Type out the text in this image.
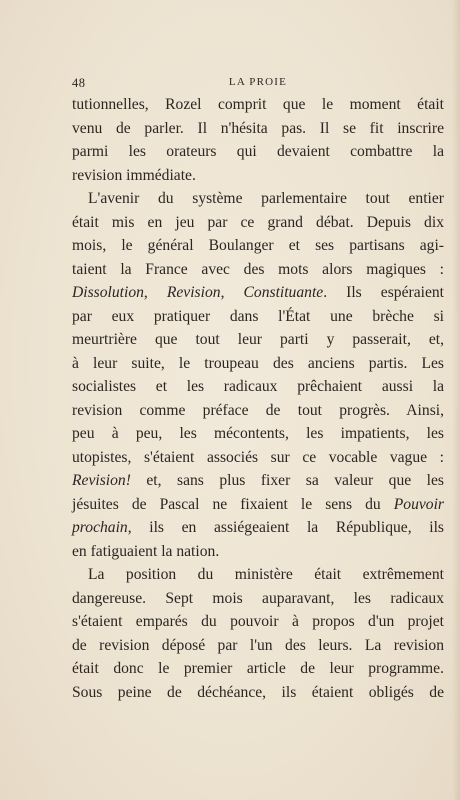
48	LA PROIE
tutionnelles, Rozel comprit que le moment était
venu de parler. Il n'hésita pas. Il se fit inscrire
parmi les orateurs qui devaient combattre la
revision immédiate.
L'avenir du système parlementaire tout entier
était mis en jeu par ce grand débat. Depuis dix
mois, le général Boulanger et ses partisans agi-
taient la France avec des mots alors magiques :
Dissolution, Revision, Constituante. Ils espéraient
par eux pratiquer dans l'État une brèche si
meurtrière que tout leur parti y passerait, et,
à leur suite, le troupeau des anciens partis. Les
socialistes et les radicaux prêchaient aussi la
revision comme préface de tout progrès. Ainsi,
peu à peu, les mécontents, les impatients, les
utopistes, s'étaient associés sur ce vocable vague :
Revision! et, sans plus fixer sa valeur que les
jésuites de Pascal ne fixaient le sens du Pouvoir
prochain, ils en assiégeaient la République, ils
en fatiguaient la nation.
La position du ministère était extrêmement
dangereuse. Sept mois auparavant, les radicaux
s'étaient emparés du pouvoir à propos d'un projet
de revision déposé par l'un des leurs. La revision
était donc le premier article de leur programme.
Sous peine de déchéance, ils étaient obligés de
